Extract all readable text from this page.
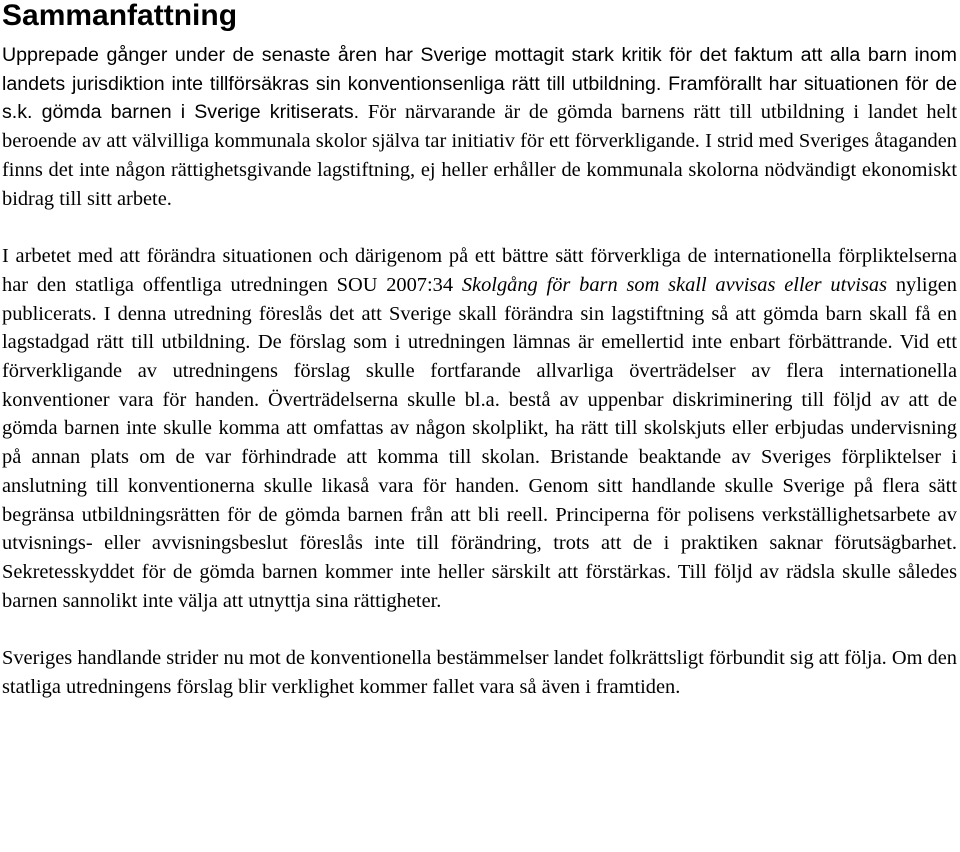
Sammanfattning

Upprepade gånger under de senaste åren har Sverige mottagit stark kritik för det faktum att alla barn inom landets jurisdiktion inte tillförsäkras sin konventionsenliga rätt till utbildning. Framförallt har situationen för de s.k. gömda barnen i Sverige kritiserats. För närvarande är de gömda barnens rätt till utbildning i landet helt beroende av att välvilliga kommunala skolor själva tar initiativ för ett förverkligande. I strid med Sveriges åtaganden finns det inte någon rättighetsgivande lagstiftning, ej heller erhåller de kommunala skolorna nödvändigt ekonomiskt bidrag till sitt arbete.

I arbetet med att förändra situationen och därigenom på ett bättre sätt förverkliga de internationella förpliktelserna har den statliga offentliga utredningen SOU 2007:34 Skolgång för barn som skall avvisas eller utvisas nyligen publicerats. I denna utredning föreslås det att Sverige skall förändra sin lagstiftning så att gömda barn skall få en lagstadgad rätt till utbildning. De förslag som i utredningen lämnas är emellertid inte enbart förbättrande. Vid ett förverkligande av utredningens förslag skulle fortfarande allvarliga överträdelser av flera internationella konventioner vara för handen. Överträdelserna skulle bl.a. bestå av uppenbar diskriminering till följd av att de gömda barnen inte skulle komma att omfattas av någon skolplikt, ha rätt till skolskjuts eller erbjudas undervisning på annan plats om de var förhindrade att komma till skolan. Bristande beaktande av Sveriges förpliktelser i anslutning till konventionerna skulle likaså vara för handen. Genom sitt handlande skulle Sverige på flera sätt begränsa utbildningsrätten för de gömda barnen från att bli reell. Principerna för polisens verkställighetsarbete av utvisnings- eller avvisningsbeslut föreslås inte till förändring, trots att de i praktiken saknar förutsägbarhet. Sekretesskyddet för de gömda barnen kommer inte heller särskilt att förstärkas. Till följd av rädsla skulle således barnen sannolikt inte välja att utnyttja sina rättigheter.

Sveriges handlande strider nu mot de konventionella bestämmelser landet folkrättsligt förbundit sig att följa. Om den statliga utredningens förslag blir verklighet kommer fallet vara så även i framtiden.
